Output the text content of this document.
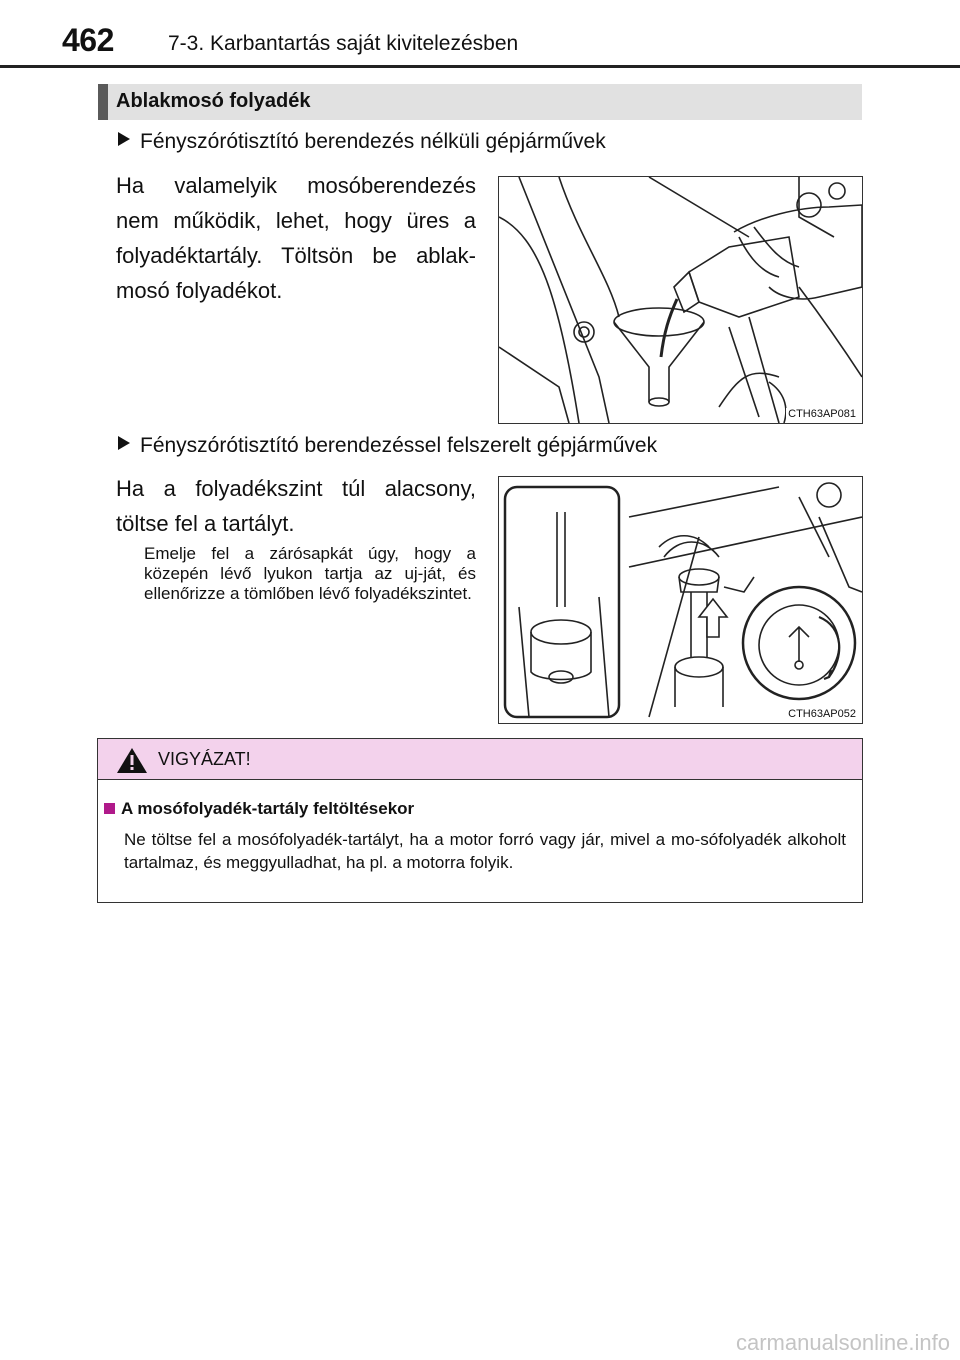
462	7-3. Karbantartás saját kivitelezésben
Ablakmosó folyadék
Fényszórótisztító berendezés nélküli gépjárművek
Ha valamelyik mosóberendezés nem működik, lehet, hogy üres a folyadéktartály. Töltsön be ablak-mosó folyadékot.
CTH63AP081
Fényszórótisztító berendezéssel felszerelt gépjárművek
Ha a folyadékszint túl alacsony, töltse fel a tartályt.
Emelje fel a zárósapkát úgy, hogy a közepén lévő lyukon tartja az uj-ját, és ellenőrizze a tömlőben lévő folyadékszintet.
CTH63AP052
VIGYÁZAT!
A mosófolyadék-tartály feltöltésekor
Ne töltse fel a mosófolyadék-tartályt, ha a motor forró vagy jár, mivel a mo-sófolyadék alkoholt tartalmaz, és meggyulladhat, ha pl. a motorra folyik.
carmanualsonline.info
